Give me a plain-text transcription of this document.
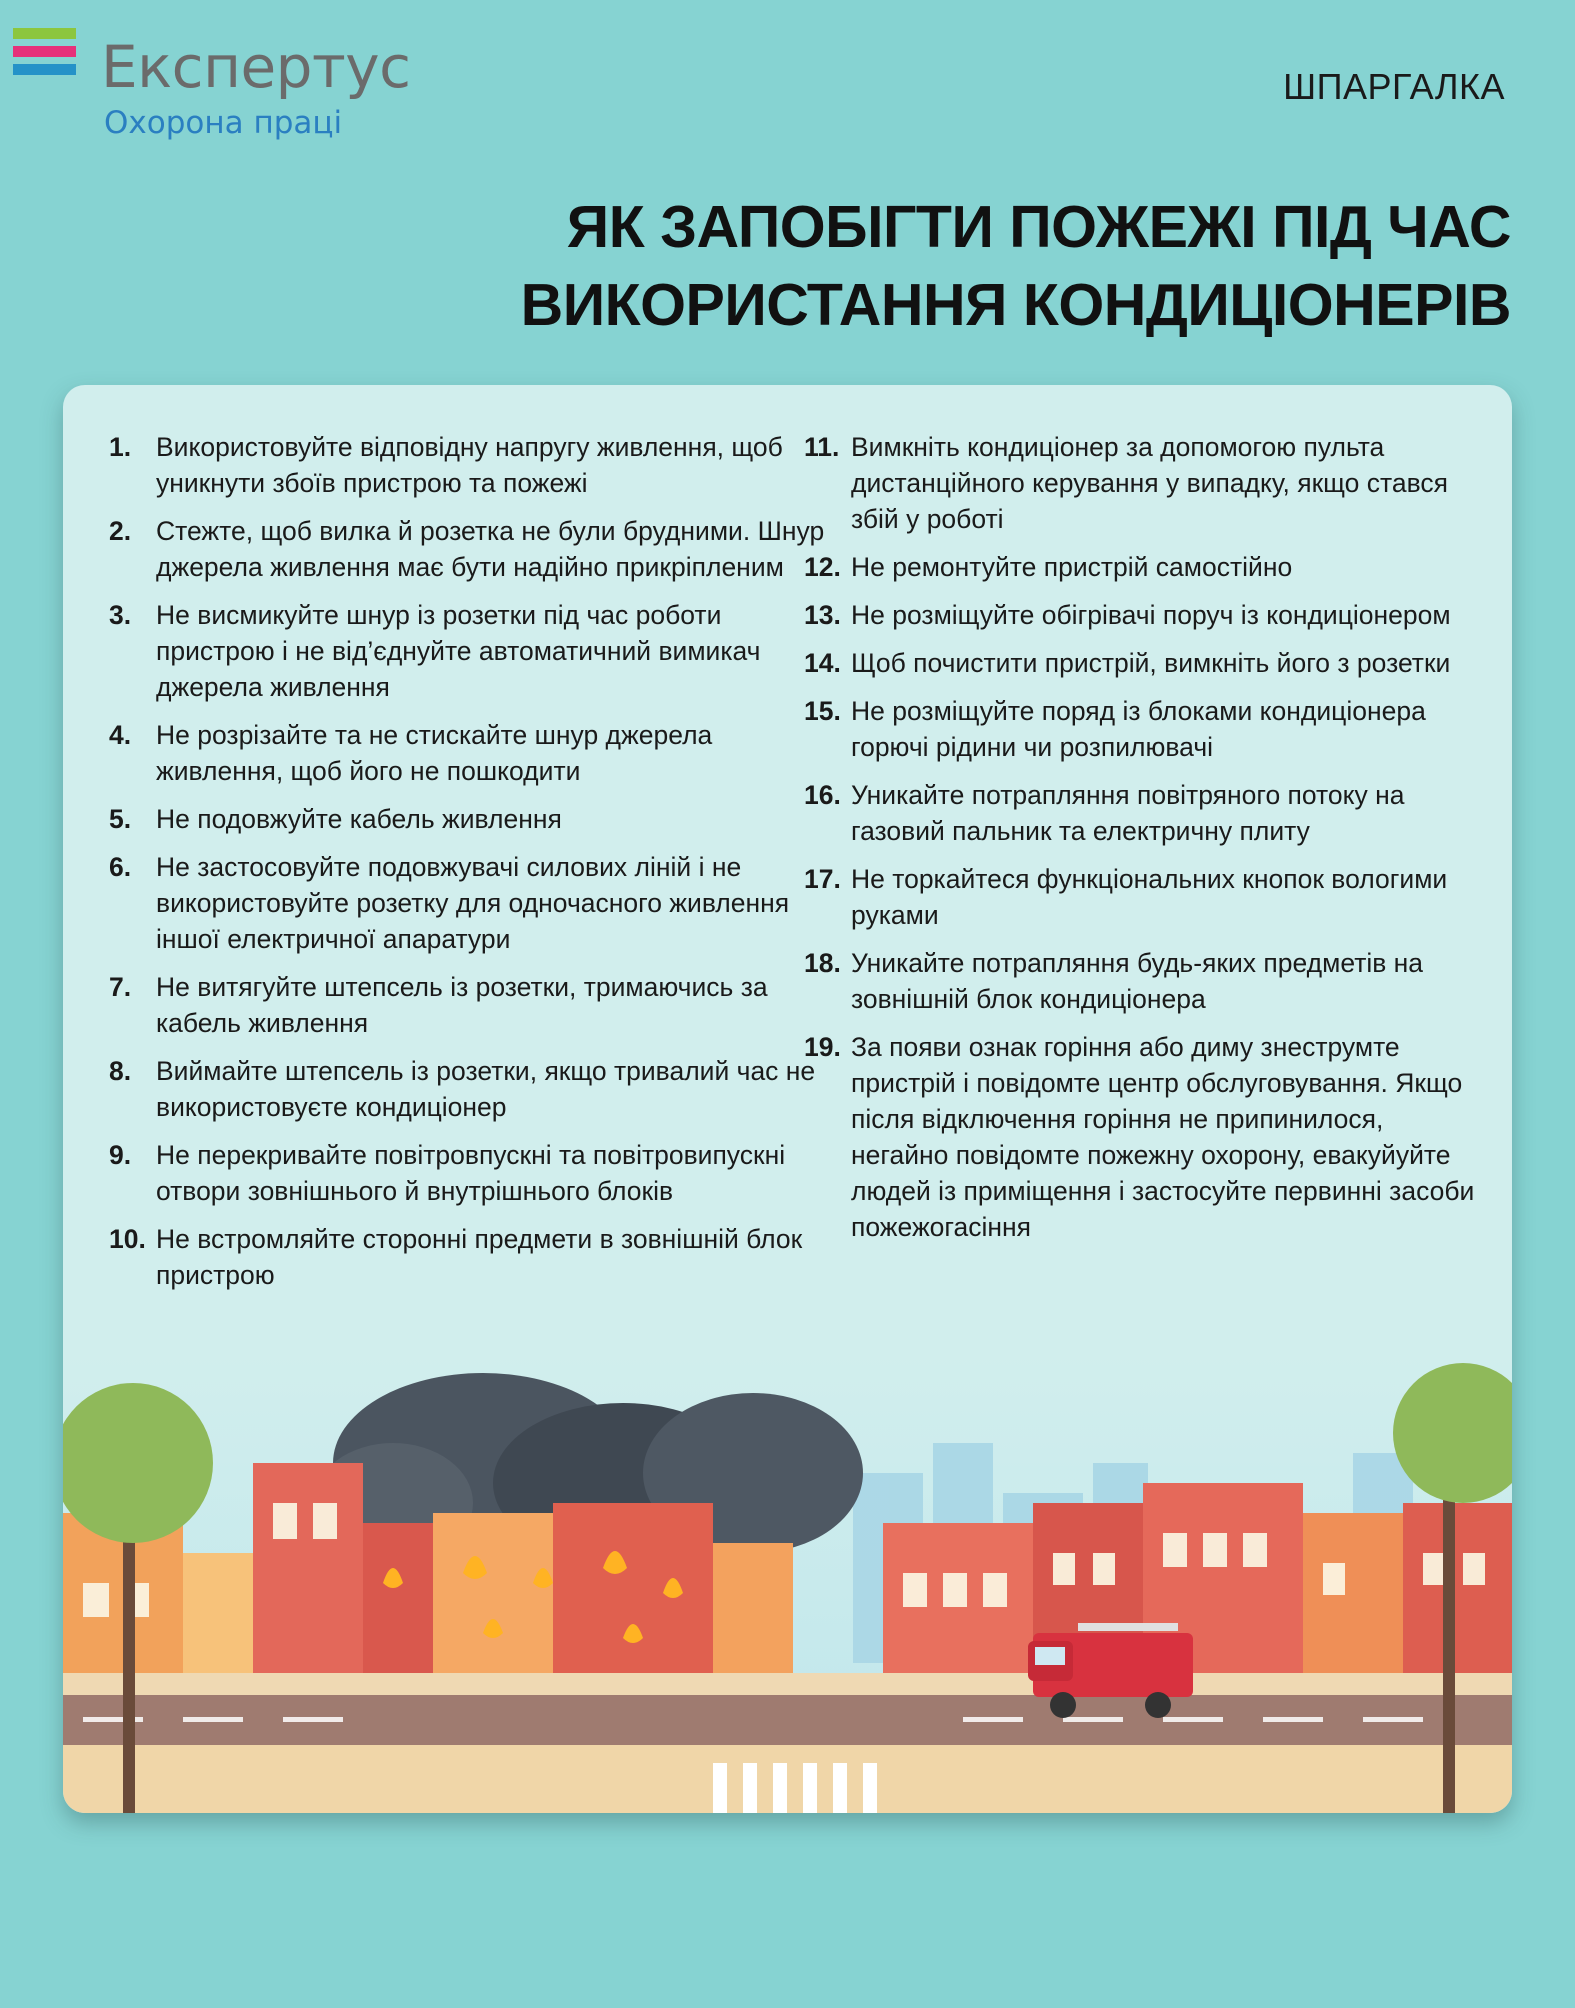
Експертус
Охорона праці
ШПАРГАЛКА
ЯК ЗАПОБІГТИ ПОЖЕЖІ ПІД ЧАС
ВИКОРИСТАННЯ КОНДИЦІОНЕРІВ
1. Використовуйте відповідну напругу живлення, щоб уникнути збоїв пристрою та пожежі
2. Стежте, щоб вилка й розетка не були брудними. Шнур джерела живлення має бути надійно прикріпленим
3. Не висмикуйте шнур із розетки під час роботи пристрою і не від’єднуйте автоматичний вимикач джерела живлення
4. Не розрізайте та не стискайте шнур джерела живлення, щоб його не пошкодити
5. Не подовжуйте кабель живлення
6. Не застосовуйте подовжувачі силових ліній і не використовуйте розетку для одночасного живлення іншої електричної апаратури
7. Не витягуйте штепсель із розетки, тримаючись за кабель живлення
8. Виймайте штепсель із розетки, якщо тривалий час не використовуєте кондиціонер
9. Не перекривайте повітровпускні та повітровипускні отвори зовнішнього й внутрішнього блоків
10. Не встромляйте сторонні предмети в зовнішній блок пристрою
11. Вимкніть кондиціонер за допомогою пульта дистанційного керування у випадку, якщо стався збій у роботі
12. Не ремонтуйте пристрій самостійно
13. Не розміщуйте обігрівачі поруч із кондиціонером
14. Щоб почистити пристрій, вимкніть його з розетки
15. Не розміщуйте поряд із блоками кондиціонера горючі рідини чи розпилювачі
16. Уникайте потрапляння повітряного потоку на газовий пальник та електричну плиту
17. Не торкайтеся функціональних кнопок вологими руками
18. Уникайте потрапляння будь-яких предметів на зовнішній блок кондиціонера
19. За появи ознак горіння або диму знеструмте пристрій і повідомте центр обслуговування. Якщо після відключення горіння не припинилося, негайно повідомте пожежну охорону, евакуйуйте людей із приміщення і застосуйте первинні засоби пожежогасіння
